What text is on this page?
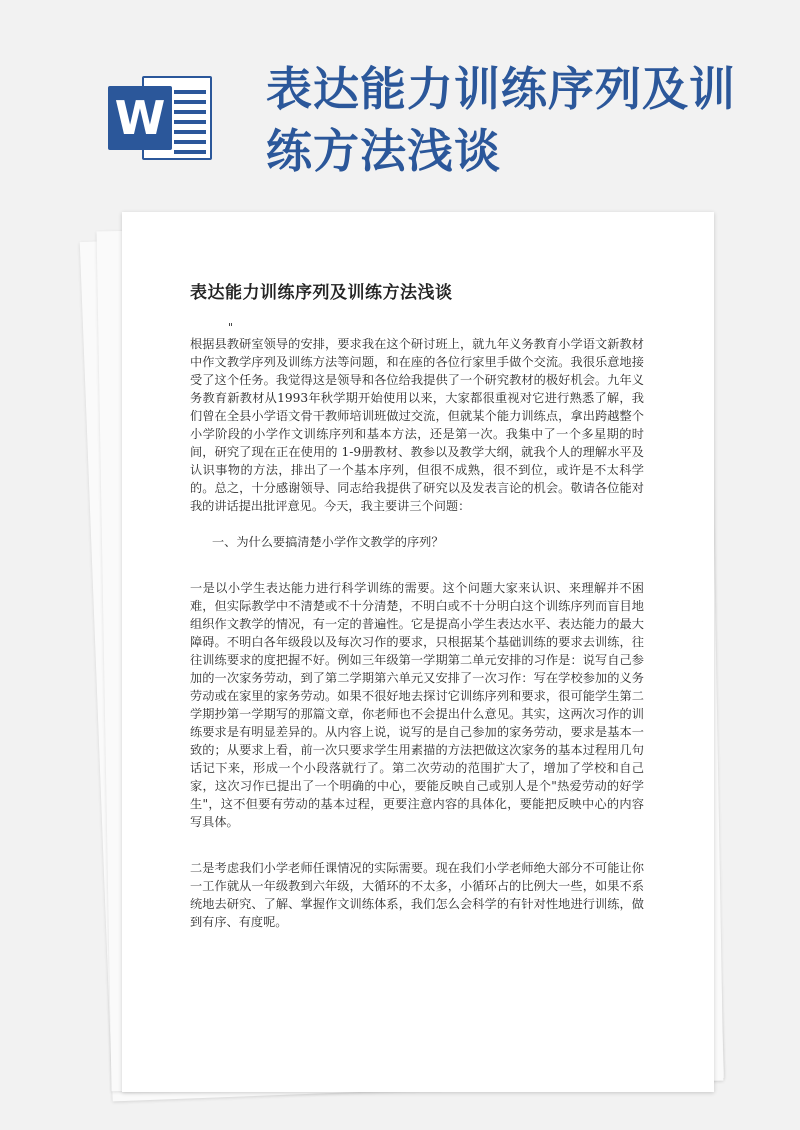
W
表达能力训练序列及训练方法浅谈
表达能力训练序列及训练方法浅谈

"

根据县教研室领导的安排，要求我在这个研讨班上，就九年义务教育小学语文新教材中作文教学序列及训练方法等问题，和在座的各位行家里手做个交流。我很乐意地接受了这个任务。我觉得这是领导和各位给我提供了一个研究教材的极好机会。九年义务教育新教材从1993年秋学期开始使用以来，大家都很重视对它进行熟悉了解，我们曾在全县小学语文骨干教师培训班做过交流，但就某个能力训练点，拿出跨越整个小学阶段的小学作文训练序列和基本方法，还是第一次。我集中了一个多星期的时间，研究了现在正在使用的 1-9册教材、教参以及教学大纲，就我个人的理解水平及认识事物的方法，排出了一个基本序列，但很不成熟，很不到位，或许是不太科学的。总之，十分感谢领导、同志给我提供了研究以及发表言论的机会。敬请各位能对我的讲话提出批评意见。今天，我主要讲三个问题：

一、为什么要搞清楚小学作文教学的序列？

一是以小学生表达能力进行科学训练的需要。这个问题大家来认识、来理解并不困难，但实际教学中不清楚或不十分清楚，不明白或不十分明白这个训练序列而盲目地组织作文教学的情况，有一定的普遍性。它是提高小学生表达水平、表达能力的最大障碍。不明白各年级段以及每次习作的要求，只根据某个基础训练的要求去训练，往往训练要求的度把握不好。例如三年级第一学期第二单元安排的习作是：说写自己参加的一次家务劳动，到了第二学期第六单元又安排了一次习作：写在学校参加的义务劳动或在家里的家务劳动。如果不很好地去探讨它训练序列和要求，很可能学生第二学期抄第一学期写的那篇文章，你老师也不会提出什么意见。其实，这两次习作的训练要求是有明显差异的。从内容上说，说写的是自己参加的家务劳动，要求是基本一致的；从要求上看，前一次只要求学生用素描的方法把做这次家务的基本过程用几句话记下来，形成一个小段落就行了。第二次劳动的范围扩大了，增加了学校和自己家，这次习作已提出了一个明确的中心，要能反映自己或别人是个"热爱劳动的好学生"，这不但要有劳动的基本过程，更要注意内容的具体化，要能把反映中心的内容写具体。

二是考虑我们小学老师任课情况的实际需要。现在我们小学老师绝大部分不可能让你一工作就从一年级教到六年级，大循环的不太多，小循环占的比例大一些，如果不系统地去研究、了解、掌握作文训练体系，我们怎么会科学的有针对性地进行训练，做到有序、有度呢。
